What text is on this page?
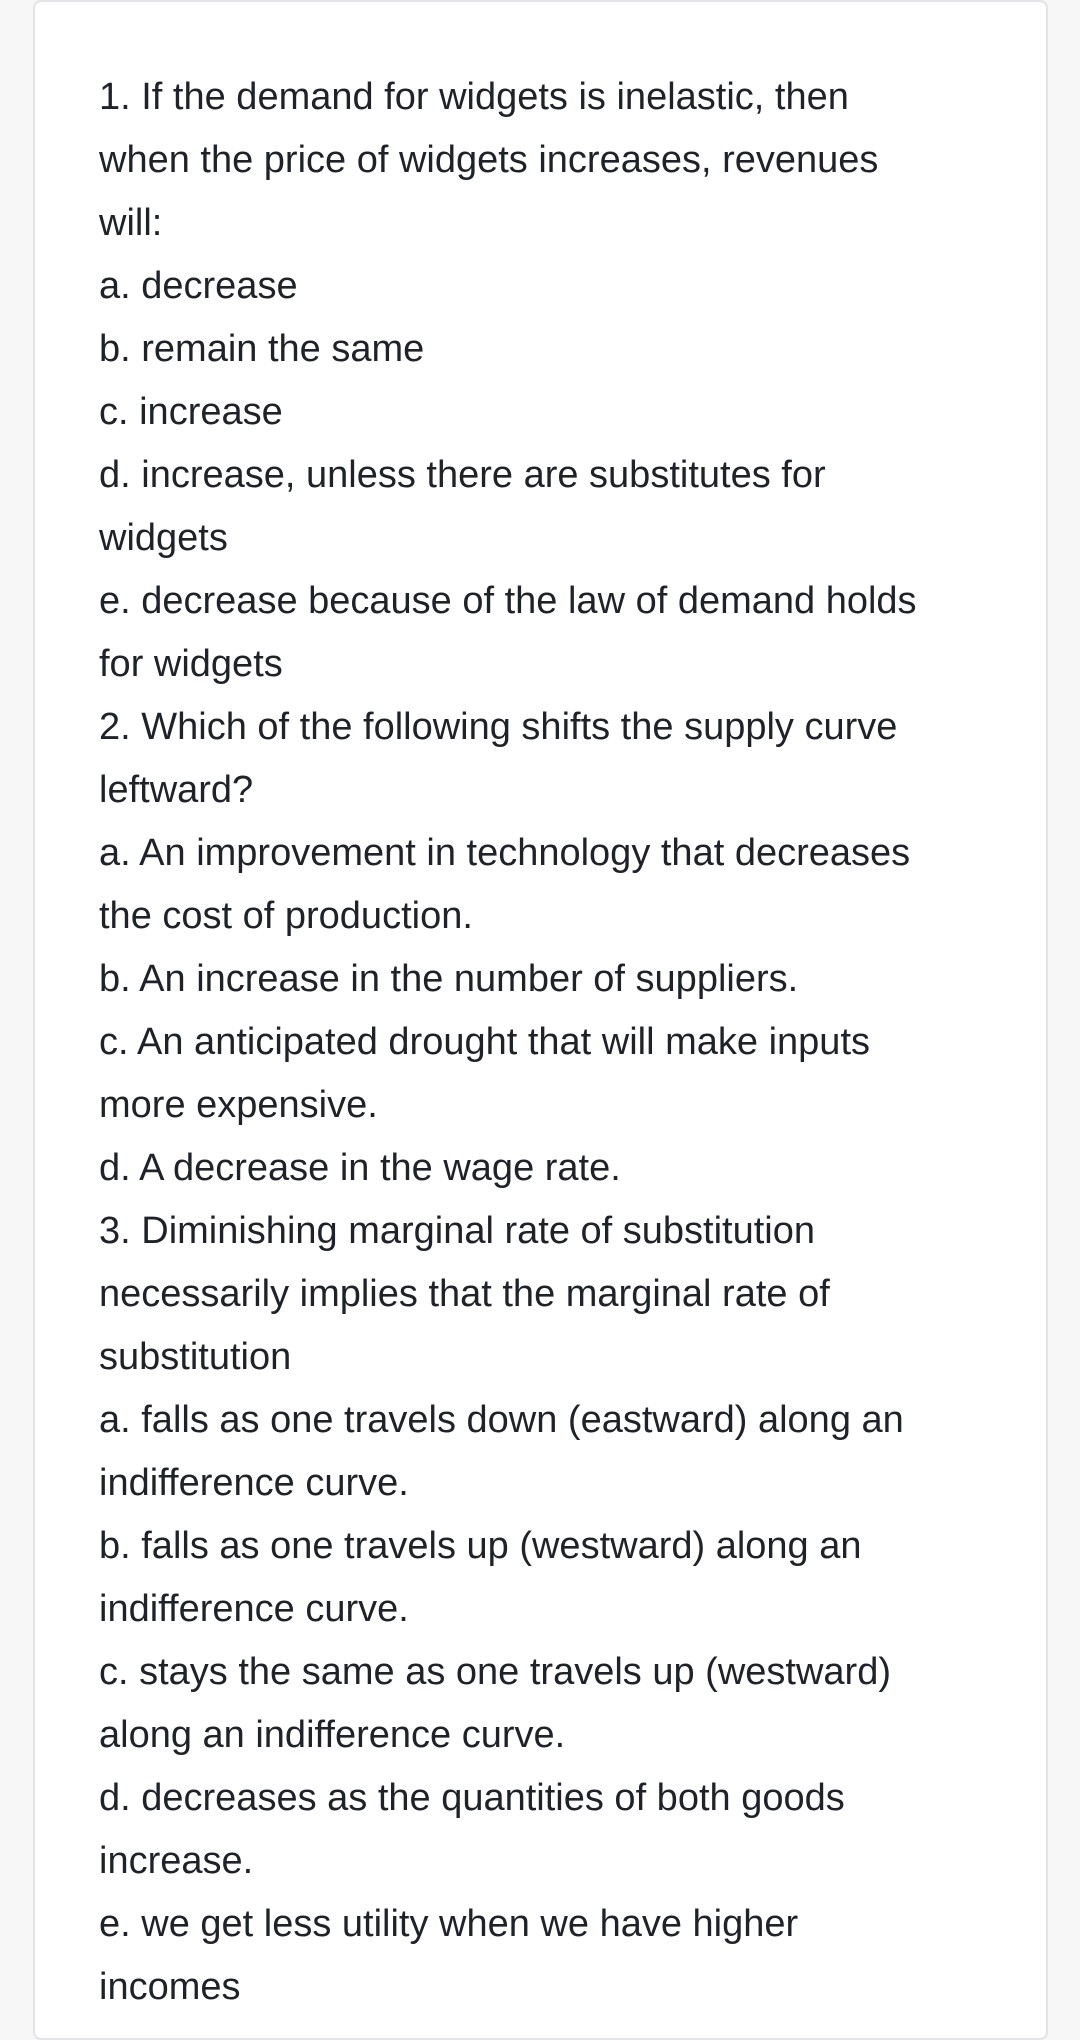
1. If the demand for widgets is inelastic, then
when the price of widgets increases, revenues
will:
a. decrease
b. remain the same
c. increase
d. increase, unless there are substitutes for
widgets
e. decrease because of the law of demand holds
for widgets
2. Which of the following shifts the supply curve
leftward?
a. An improvement in technology that decreases
the cost of production.
b. An increase in the number of suppliers.
c. An anticipated drought that will make inputs
more expensive.
d. A decrease in the wage rate.
3. Diminishing marginal rate of substitution
necessarily implies that the marginal rate of
substitution
a. falls as one travels down (eastward) along an
indifference curve.
b. falls as one travels up (westward) along an
indifference curve.
c. stays the same as one travels up (westward)
along an indifference curve.
d. decreases as the quantities of both goods
increase.
e. we get less utility when we have higher
incomes
